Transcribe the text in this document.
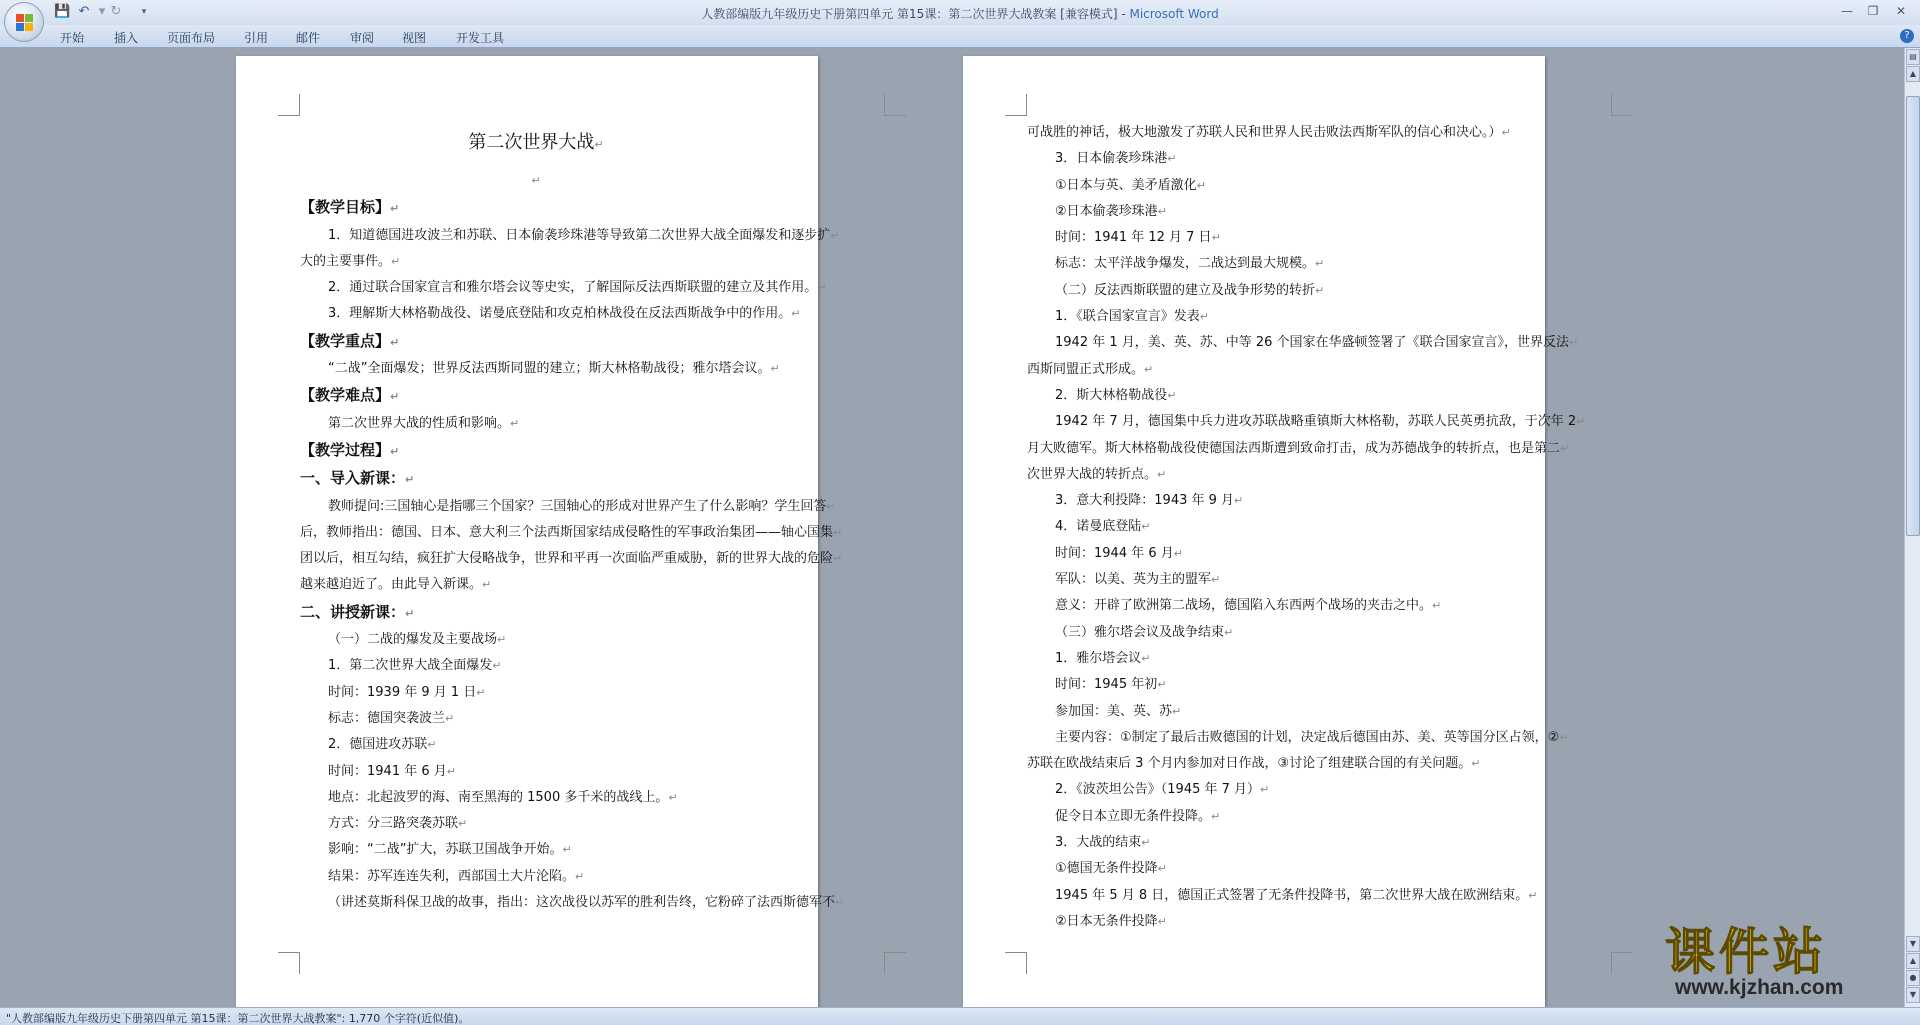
人教部编版九年级历史下册第四单元 第15课：第二次世界大战教案 [兼容模式] - Microsoft Word
💾 ↶ ▾ ↻	▾	—	❐	✕
开始 插入 页面布局 引用 邮件 审阅 视图 开发工具	?
第二次世界大战↵
↵
【教学目标】↵
1．知道德国进攻波兰和苏联、日本偷袭珍珠港等导致第二次世界大战全面爆发和逐步扩↵
大的主要事件。↵
2．通过联合国家宣言和雅尔塔会议等史实，了解国际反法西斯联盟的建立及其作用。↵
3．理解斯大林格勒战役、诺曼底登陆和攻克柏林战役在反法西斯战争中的作用。↵
【教学重点】↵
“二战”全面爆发；世界反法西斯同盟的建立；斯大林格勒战役；雅尔塔会议。↵
【教学难点】↵
第二次世界大战的性质和影响。↵
【教学过程】↵
一、导入新课：↵
教师提问:三国轴心是指哪三个国家？三国轴心的形成对世界产生了什么影响？学生回答↵
后，教师指出：德国、日本、意大利三个法西斯国家结成侵略性的军事政治集团——轴心国集↵
团以后，相互勾结，疯狂扩大侵略战争，世界和平再一次面临严重威胁，新的世界大战的危险↵
越来越迫近了。由此导入新课。↵
二、讲授新课：↵
（一）二战的爆发及主要战场↵
1．第二次世界大战全面爆发↵
时间：1939 年 9 月 1 日↵
标志：德国突袭波兰↵
2．德国进攻苏联↵
时间：1941 年 6 月↵
地点：北起波罗的海、南至黑海的 1500 多千米的战线上。↵
方式：分三路突袭苏联↵
影响：“二战”扩大，苏联卫国战争开始。↵
结果：苏军连连失利，西部国土大片沦陷。↵
（讲述莫斯科保卫战的故事，指出：这次战役以苏军的胜利告终，它粉碎了法西斯德军不↵
可战胜的神话，极大地激发了苏联人民和世界人民击败法西斯军队的信心和决心。）↵
3．日本偷袭珍珠港↵
①日本与英、美矛盾激化↵
②日本偷袭珍珠港↵
时间：1941 年 12 月 7 日↵
标志：太平洋战争爆发，二战达到最大规模。↵
（二）反法西斯联盟的建立及战争形势的转折↵
1．《联合国家宣言》发表↵
1942 年 1 月，美、英、苏、中等 26 个国家在华盛顿签署了《联合国家宣言》，世界反法↵
西斯同盟正式形成。↵
2．斯大林格勒战役↵
1942 年 7 月，德国集中兵力进攻苏联战略重镇斯大林格勒，苏联人民英勇抗敌，于次年 2↵
月大败德军。斯大林格勒战役使德国法西斯遭到致命打击，成为苏德战争的转折点，也是第二↵
次世界大战的转折点。↵
3．意大利投降：1943 年 9 月↵
4．诺曼底登陆↵
时间：1944 年 6 月↵
军队：以美、英为主的盟军↵
意义：开辟了欧洲第二战场，德国陷入东西两个战场的夹击之中。↵
（三）雅尔塔会议及战争结束↵
1．雅尔塔会议↵
时间：1945 年初↵
参加国：美、英、苏↵
主要内容：①制定了最后击败德国的计划，决定战后德国由苏、美、英等国分区占领，②↵
苏联在欧战结束后 3 个月内参加对日作战，③讨论了组建联合国的有关问题。↵
2．《波茨坦公告》（1945 年 7 月）↵
促令日本立即无条件投降。↵
3．大战的结束↵
①德国无条件投降↵
1945 年 5 月 8 日，德国正式签署了无条件投降书，第二次世界大战在欧洲结束。↵
②日本无条件投降↵
▤
▲
▼
▲
●
▼
"人教部编版九年级历史下册第四单元 第15课：第二次世界大战教案": 1,770 个字符(近似值)。
课件站
www.kjzhan.com
